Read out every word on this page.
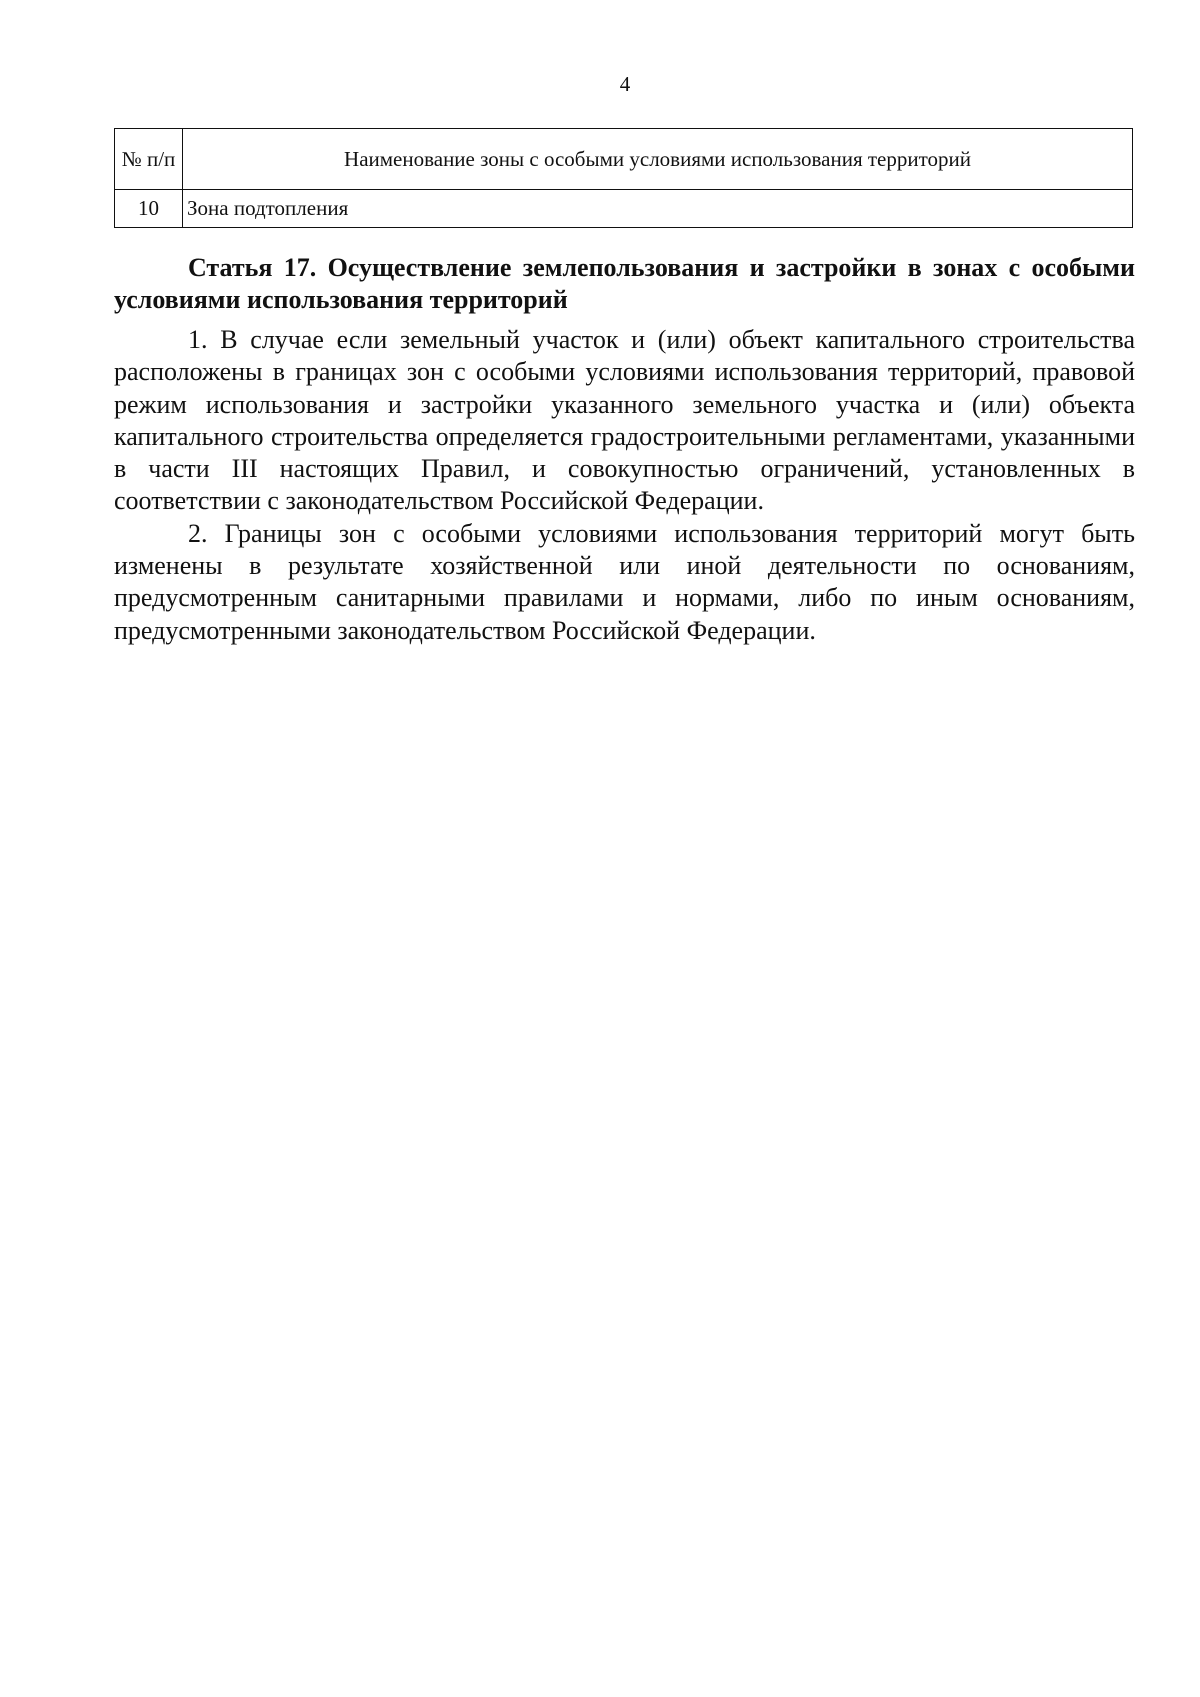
4
№ п/п	Наименование зоны с особыми условиями использования территорий
10	Зона подтопления

Статья 17. Осуществление землепользования и застройки в зонах с особыми условиями использования территорий

1. В случае если земельный участок и (или) объект капитального строительства расположены в границах зон с особыми условиями использования территорий, правовой режим использования и застройки указанного земельного участка и (или) объекта капитального строительства определяется градостроительными регламентами, указанными в части III настоящих Правил, и совокупностью ограничений, установленных в соответствии с законодательством Российской Федерации.

2. Границы зон с особыми условиями использования территорий могут быть изменены в результате хозяйственной или иной деятельности по основаниям, предусмотренным санитарными правилами и нормами, либо по иным основаниям, предусмотренными законодательством Российской Федерации.
